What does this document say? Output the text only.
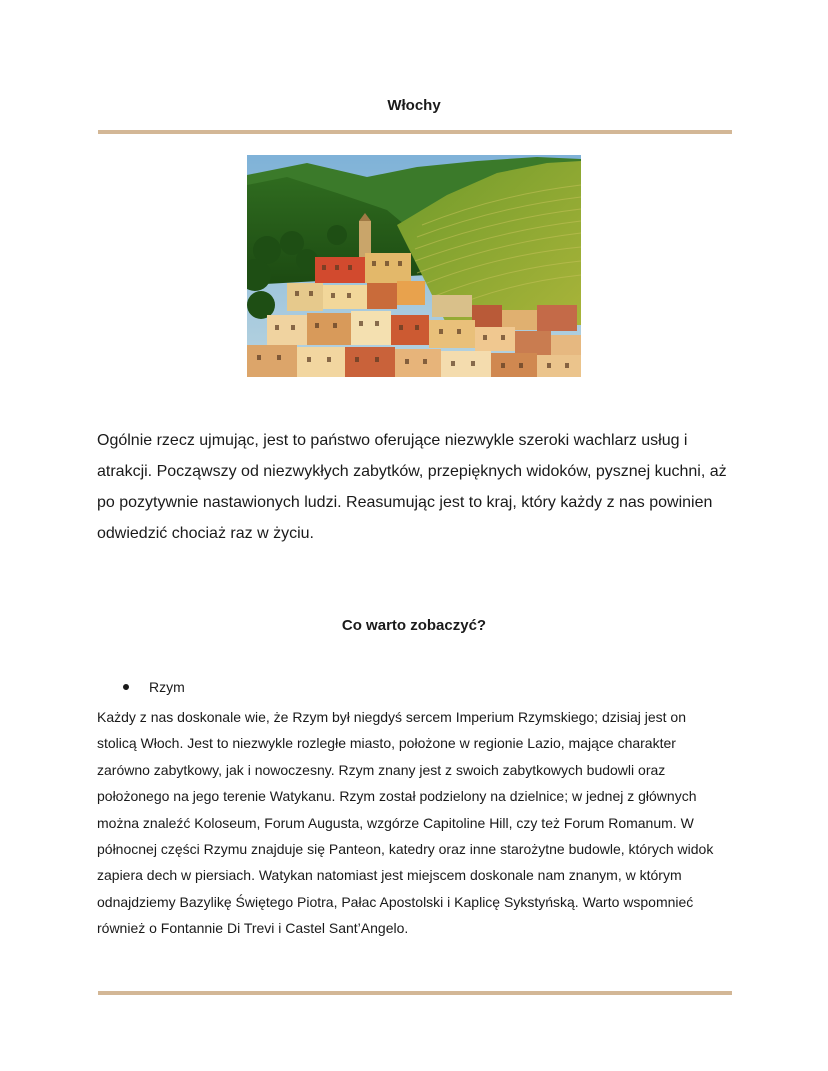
Włochy

Ogólnie rzecz ujmując, jest to państwo oferujące niezwykle szeroki wachlarz usług i atrakcji. Począwszy od niezwykłych zabytków, przepięknych widoków, pysznej kuchni, aż po pozytywnie nastawionych ludzi. Reasumując jest to kraj, który każdy z nas powinien odwiedzić chociaż raz w życiu.

Co warto zobaczyć?
Rzym

Każdy z nas doskonale wie, że Rzym był niegdyś sercem Imperium Rzymskiego; dzisiaj jest on stolicą Włoch. Jest to niezwykle rozległe miasto, położone w regionie Lazio, mające charakter zarówno zabytkowy, jak i nowoczesny. Rzym znany jest z swoich zabytkowych budowli oraz położonego na jego terenie Watykanu. Rzym został podzielony na dzielnice; w jednej z głównych można znaleźć Koloseum, Forum Augusta, wzgórze Capitoline Hill, czy też Forum Romanum. W północnej części Rzymu znajduje się Panteon, katedry oraz inne starożytne budowle, których widok zapiera dech w piersiach. Watykan natomiast jest miejscem doskonale nam znanym, w którym odnajdziemy Bazylikę Świętego Piotra, Pałac Apostolski i Kaplicę Sykstyńską. Warto wspomnieć również o Fontannie Di Trevi i Castel Sant’Angelo.
